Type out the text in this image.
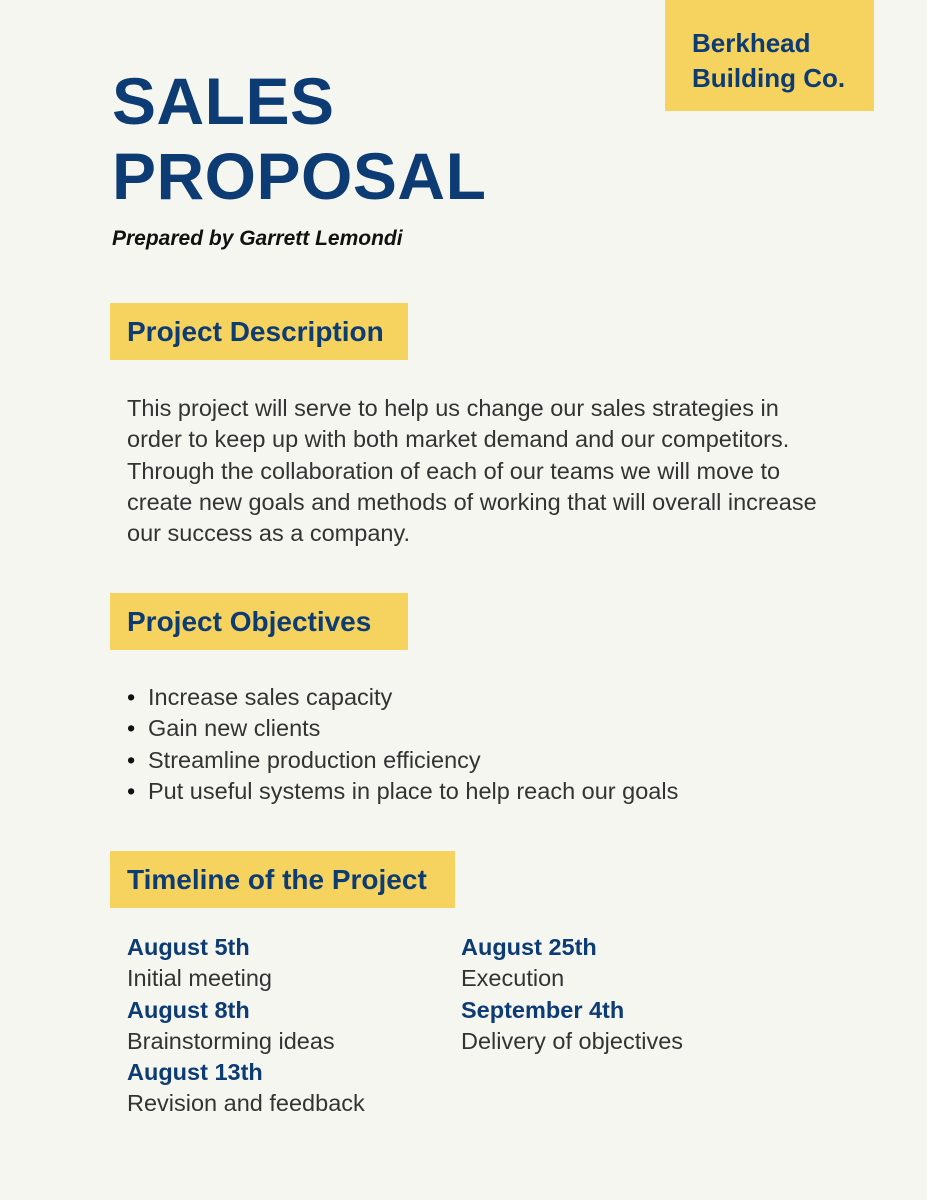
Berkhead
Building Co.
SALES
PROPOSAL
Prepared by Garrett Lemondi
Project Description

This project will serve to help us change our sales strategies in order to keep up with both market demand and our competitors. Through the collaboration of each of our teams we will move to create new goals and methods of working that will overall increase our success as a company.

Project Objectives
• Increase sales capacity
• Gain new clients
• Streamline production efficiency
• Put useful systems in place to help reach our goals
Timeline of the Project
August 5th
Initial meeting
August 8th
Brainstorming ideas
August 13th
Revision and feedback
August 25th
Execution
September 4th
Delivery of objectives
